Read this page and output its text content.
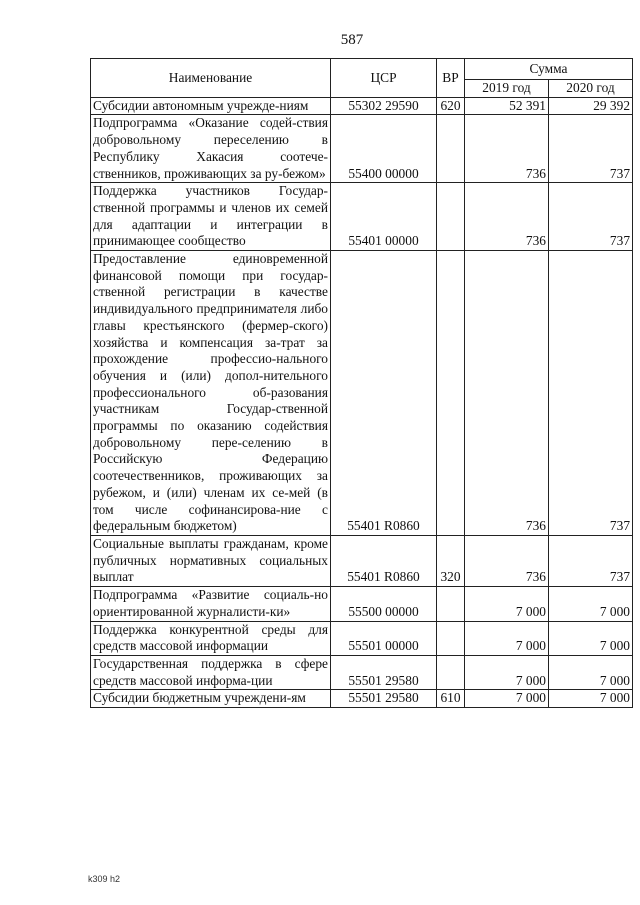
587
Наименование	ЦСР	ВР	Сумма	
			2019 год	2020 год
Субсидии автономным учрежде-ниям	55302 29590	620	52 391	29 392
Подпрограмма «Оказание содей-ствия добровольному переселению в Республику Хакасия соотече-ственников, проживающих за ру-бежом»	55400 00000		736	737
Поддержка участников Государ-ственной программы и членов их семей для адаптации и интеграции в принимающее сообщество	55401 00000		736	737
Предоставление единовременной финансовой помощи при государ-ственной регистрации в качестве индивидуального предпринимателя либо главы крестьянского (фермер-ского) хозяйства и компенсация за-трат за прохождение профессио-нального обучения и (или) допол-нительного профессионального об-разования участникам Государ-ственной программы по оказанию содействия добровольному пере-селению в Российскую Федерацию соотечественников, проживающих за рубежом, и (или) членам их се-мей (в том числе софинансирова-ние с федеральным бюджетом)	55401 R0860		736	737
Социальные выплаты гражданам, кроме публичных нормативных социальных выплат	55401 R0860	320	736	737
Подпрограмма «Развитие социаль-но ориентированной журналисти-ки»	55500 00000		7 000	7 000
Поддержка конкурентной среды для средств массовой информации	55501 00000		7 000	7 000
Государственная поддержка в сфере средств массовой информа-ции	55501 29580		7 000	7 000
Субсидии бюджетным учреждени-ям	55501 29580	610	7 000	7 000
k309 h2
